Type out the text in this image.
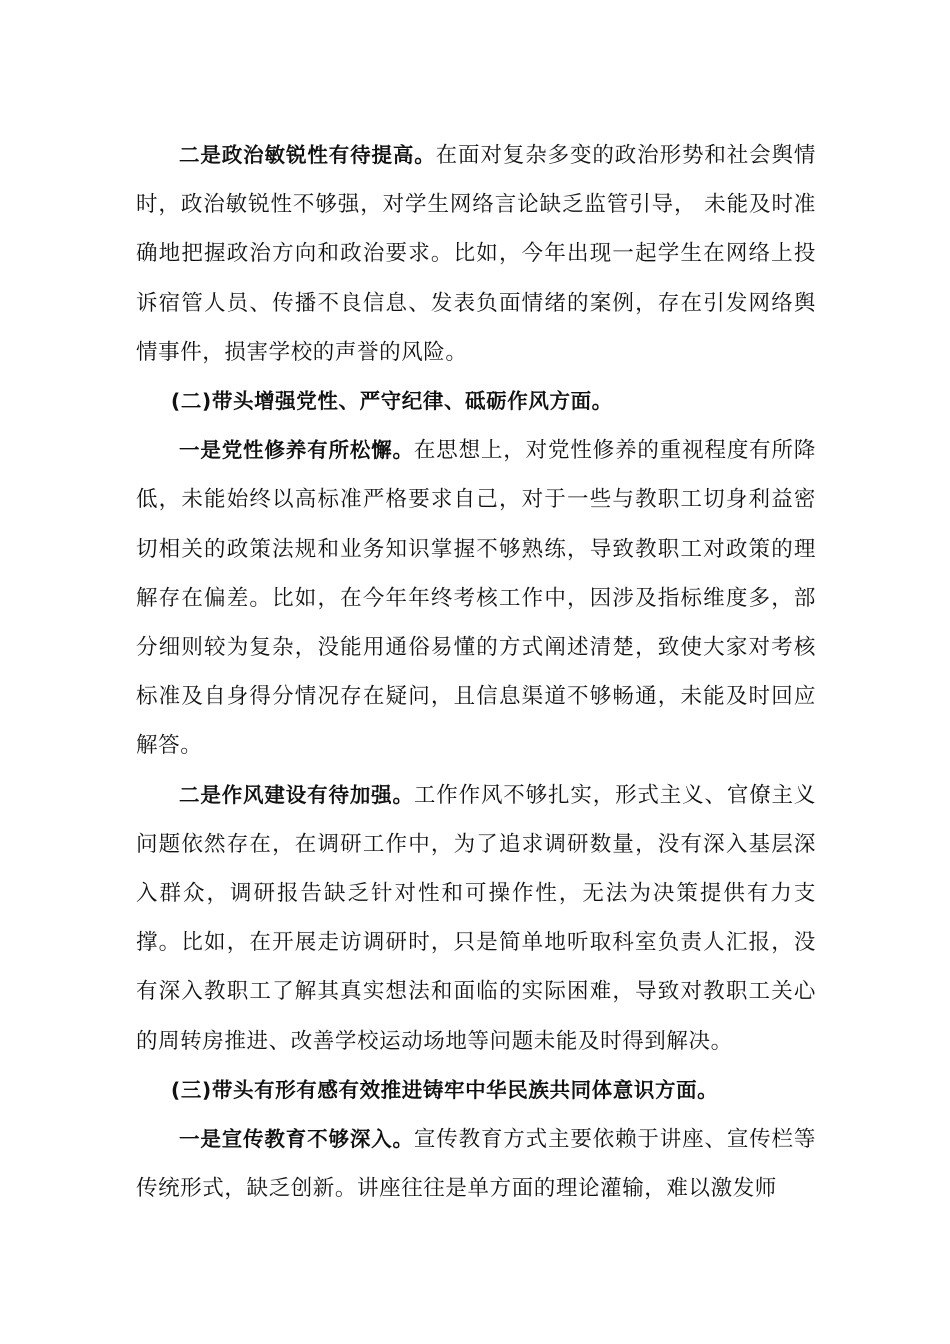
二是政治敏锐性有待提高。在面对复杂多变的政治形势和社会舆情时，政治敏锐性不够强，对学生网络言论缺乏监管引导， 未能及时准确地把握政治方向和政治要求。比如，今年出现一起学生在网络上投诉宿管人员、传播不良信息、发表负面情绪的案例，存在引发网络舆情事件，损害学校的声誉的风险。

(二)带头增强党性、严守纪律、砥砺作风方面。

一是党性修养有所松懈。在思想上，对党性修养的重视程度有所降低，未能始终以高标准严格要求自己，对于一些与教职工切身利益密切相关的政策法规和业务知识掌握不够熟练，导致教职工对政策的理解存在偏差。比如，在今年年终考核工作中，因涉及指标维度多，部分细则较为复杂，没能用通俗易懂的方式阐述清楚，致使大家对考核标准及自身得分情况存在疑问，且信息渠道不够畅通，未能及时回应解答。

二是作风建设有待加强。工作作风不够扎实，形式主义、官僚主义问题依然存在，在调研工作中，为了追求调研数量，没有深入基层深入群众，调研报告缺乏针对性和可操作性，无法为决策提供有力支撑。比如，在开展走访调研时，只是简单地听取科室负责人汇报，没有深入教职工了解其真实想法和面临的实际困难，导致对教职工关心的周转房推进、改善学校运动场地等问题未能及时得到解决。

(三)带头有形有感有效推进铸牢中华民族共同体意识方面。

一是宣传教育不够深入。宣传教育方式主要依赖于讲座、宣传栏等传统形式，缺乏创新。讲座往往是单方面的理论灌输，难以激发师
